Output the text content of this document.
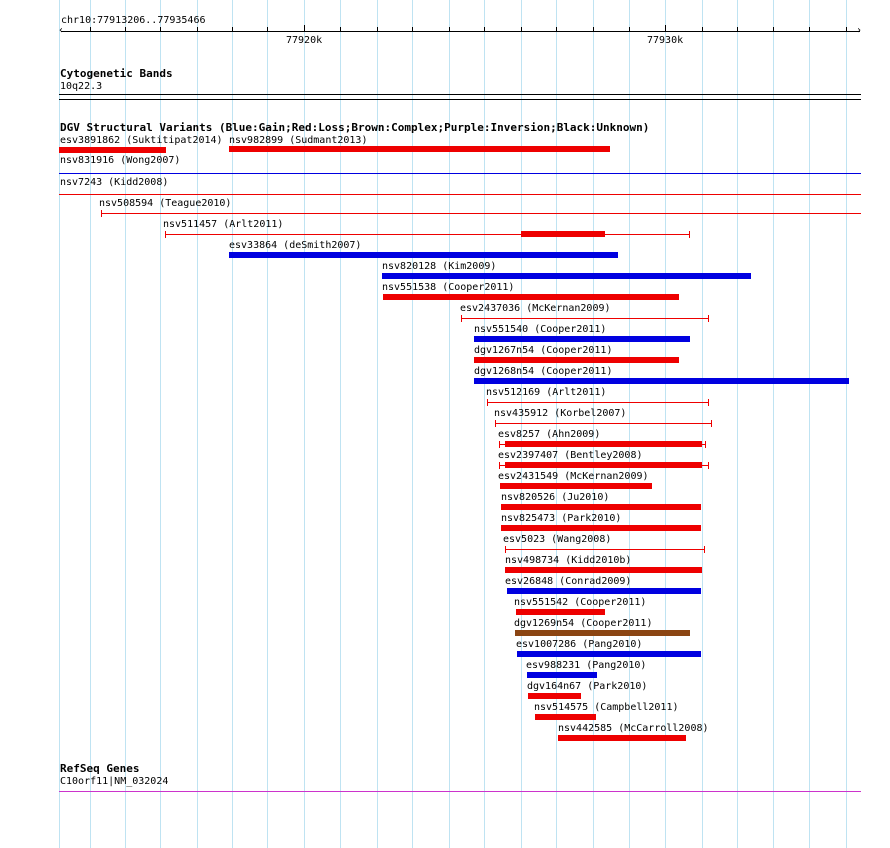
chr10:77913206..77935466
‹	›
77920k	77930k
Cytogenetic Bands
10q22.3
DGV Structural Variants (Blue:Gain;Red:Loss;Brown:Complex;Purple:Inversion;Black:Unknown)
esv3891862 (Suktitipat2014) nsv982899 (Sudmant2013)
nsv831916 (Wong2007)
nsv7243 (Kidd2008)
nsv508594 (Teague2010)
nsv511457 (Arlt2011)
esv33864 (deSmith2007)
nsv820128 (Kim2009)
nsv551538 (Cooper2011)
esv2437036 (McKernan2009)
nsv551540 (Cooper2011)
dgv1267n54 (Cooper2011)
dgv1268n54 (Cooper2011)
nsv512169 (Arlt2011)
nsv435912 (Korbel2007)
esv8257 (Ahn2009)
esv2397407 (Bentley2008)
esv2431549 (McKernan2009)
nsv820526 (Ju2010)
nsv825473 (Park2010)
esv5023 (Wang2008)
nsv498734 (Kidd2010b)
esv26848 (Conrad2009)
nsv551542 (Cooper2011)
dgv1269n54 (Cooper2011)
esv1007286 (Pang2010)
esv988231 (Pang2010)
dgv164n67 (Park2010)
nsv514575 (Campbell2011)
nsv442585 (McCarroll2008)
RefSeq Genes
C10orf11|NM_032024
